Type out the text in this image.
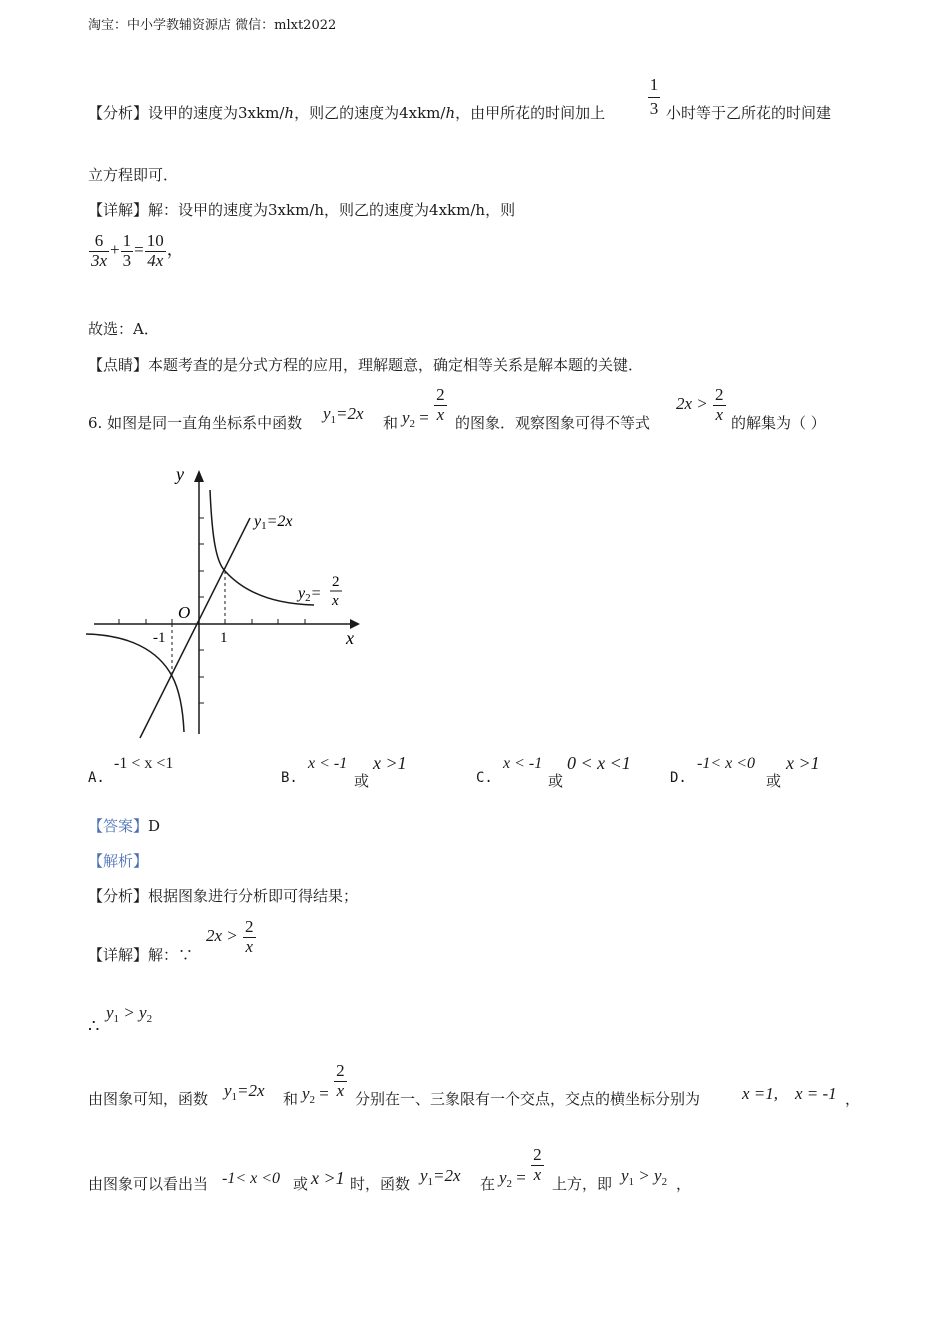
淘宝：中小学教辅资源店 微信：mlxt2022
【分析】设甲的速度为3xkm/h，则乙的速度为4xkm/h，由甲所花的时间加上
1
3 小时等于乙所花的时间建
立方程即可．
【详解】解：设甲的速度为3xkm/h，则乙的速度为4xkm/h，则
$\frac{6}{3x} + \frac{1}{3} = \frac{10}{4x}$ ，
故选：A．
【点睛】本题考查的是分式方程的应用，理解题意，确定相等关系是解本题的关键．
6. 如图是同一直角坐标系中函数 $y_1=2x$ 和 $y_2 = \frac{2}{x}$ 的图象．观察图象可得不等式
$2x > \frac{2}{x}$ 的解集为（ ）
y
x
O
-1	1
y1=2x
y2=
2
x
A.
-1 < x <1
B.
x < -1
或
x >1
C.
x < -1
或
0 < x <1
D.
-1< x <0
或
x >1
【答案】D
【解析】
【分析】根据图象进行分析即可得结果；
【详解】解：∵
$2x > \frac{2}{x}$
∴
$y_1 > y_2$
由图象可知，函数 $y_1=2x$ 和 $y_2 = \frac{2}{x}$ 分别在一、三象限有一个交点，交点的横坐标分别为 x =1, x = -1 ，
由图象可以看出当 -1< x <0 或 x >1 时，函数 $y_1=2x$ 在 $y_2 = \frac{2}{x}$ 上方，即 $y_1 > y_2$ ，
